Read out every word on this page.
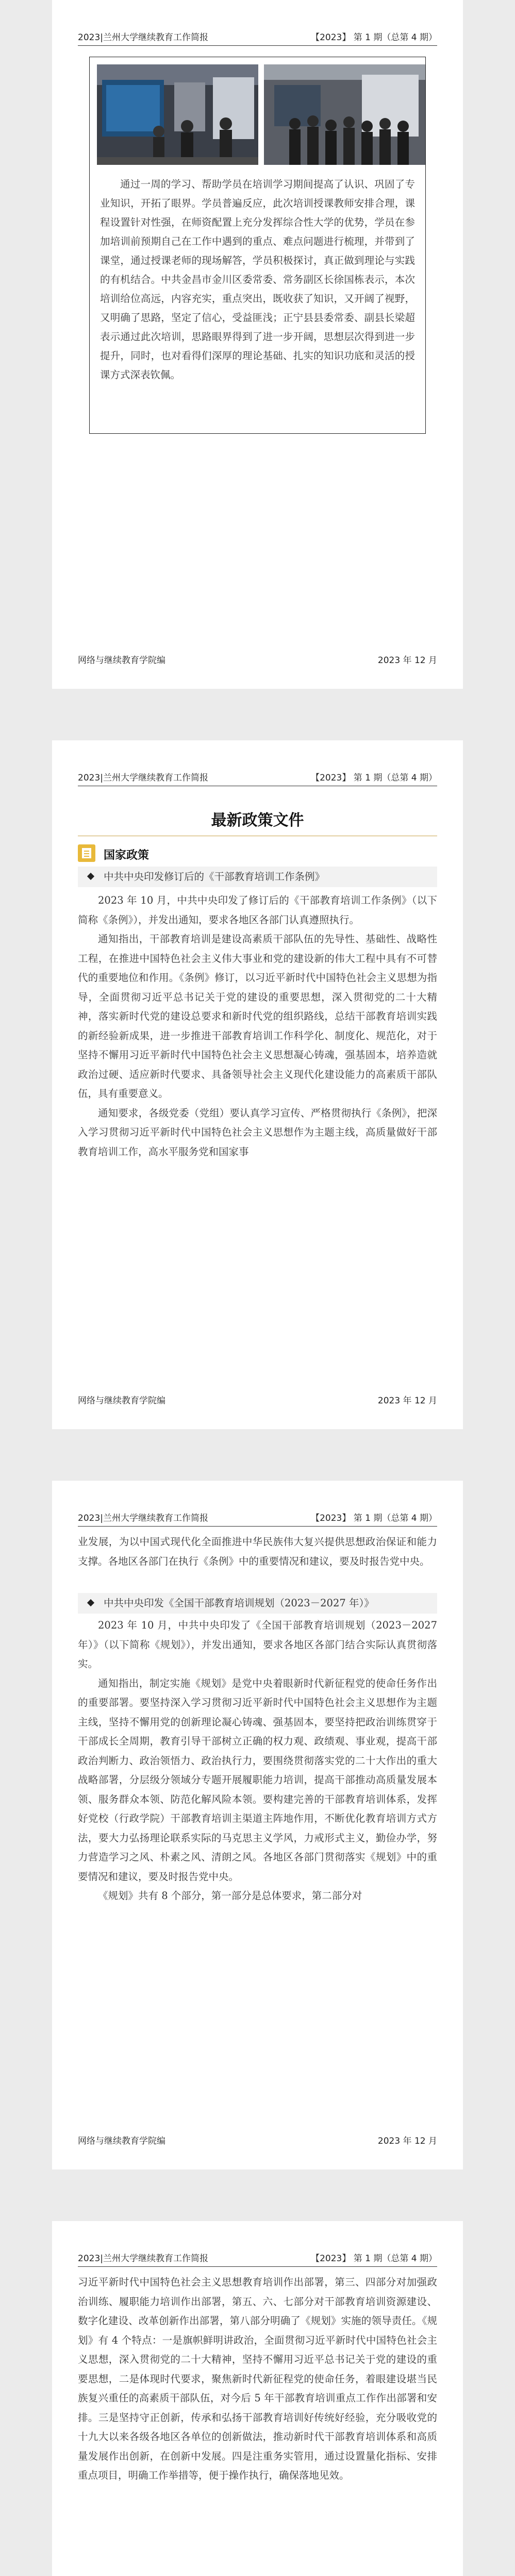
2023|兰州大学继续教育工作简报	【2023】 第 1 期（总第 4 期）

通过一周的学习、帮助学员在培训学习期间提高了认识、巩固了专业知识，开拓了眼界。学员普遍反应，此次培训授课教师安排合理，课程设置针对性强，在师资配置上充分发挥综合性大学的优势，学员在参加培训前预期自己在工作中遇到的重点、难点问题进行梳理，并带到了课堂，通过授课老师的现场解答，学员积极探讨，真正做到理论与实践的有机结合。中共金昌市金川区委常委、常务副区长徐国栋表示，本次培训给位高远，内容充实，重点突出，既收获了知识，又开阔了视野，又明确了思路，坚定了信心，受益匪浅；正宁县县委常委、副县长梁超表示通过此次培训，思路眼界得到了进一步开阔，思想层次得到进一步提升，同时，也对看得们深厚的理论基础、扎实的知识功底和灵活的授课方式深表钦佩。

网络与继续教育学院编	2023 年 12 月
2023|兰州大学继续教育工作简报	【2023】 第 1 期（总第 4 期）
最新政策文件
国家政策
中共中央印发修订后的《干部教育培训工作条例》

2023 年 10 月，中共中央印发了修订后的《干部教育培训工作条例》（以下简称《条例》），并发出通知，要求各地区各部门认真遵照执行。

通知指出，干部教育培训是建设高素质干部队伍的先导性、基础性、战略性工程，在推进中国特色社会主义伟大事业和党的建设新的伟大工程中具有不可替代的重要地位和作用。《条例》修订，以习近平新时代中国特色社会主义思想为指导，全面贯彻习近平总书记关于党的建设的重要思想，深入贯彻党的二十大精神，落实新时代党的建设总要求和新时代党的组织路线，总结干部教育培训实践的新经验新成果，进一步推进干部教育培训工作科学化、制度化、规范化，对于坚持不懈用习近平新时代中国特色社会主义思想凝心铸魂，强基固本，培养造就政治过硬、适应新时代要求、具备领导社会主义现代化建设能力的高素质干部队伍，具有重要意义。

通知要求，各级党委（党组）要认真学习宣传、严格贯彻执行《条例》，把深入学习贯彻习近平新时代中国特色社会主义思想作为主题主线，高质量做好干部教育培训工作，高水平服务党和国家事

网络与继续教育学院编	2023 年 12 月
2023|兰州大学继续教育工作简报	【2023】 第 1 期（总第 4 期）

业发展，为以中国式现代化全面推进中华民族伟大复兴提供思想政治保证和能力支撑。各地区各部门在执行《条例》中的重要情况和建议，要及时报告党中央。

中共中央印发《全国干部教育培训规划（2023－2027 年）》

2023 年 10 月，中共中央印发了《全国干部教育培训规划（2023－2027 年）》（以下简称《规划》），并发出通知，要求各地区各部门结合实际认真贯彻落实。

通知指出，制定实施《规划》是党中央着眼新时代新征程党的使命任务作出的重要部署。要坚持深入学习贯彻习近平新时代中国特色社会主义思想作为主题主线，坚持不懈用党的创新理论凝心铸魂、强基固本，要坚持把政治训练贯穿于干部成长全周期，教育引导干部树立正确的权力观、政绩观、事业观，提高干部政治判断力、政治领悟力、政治执行力，要围绕贯彻落实党的二十大作出的重大战略部署，分层级分领域分专题开展履职能力培训，提高干部推动高质量发展本领、服务群众本领、防范化解风险本领。要构建完善的干部教育培训体系，发挥好党校（行政学院）干部教育培训主渠道主阵地作用，不断优化教育培训方式方法，要大力弘扬理论联系实际的马克思主义学风，力戒形式主义，勤俭办学，努力营造学习之风、朴素之风、清朗之风。各地区各部门贯彻落实《规划》中的重要情况和建议，要及时报告党中央。

《规划》共有 8 个部分，第一部分是总体要求，第二部分对

网络与继续教育学院编	2023 年 12 月
2023|兰州大学继续教育工作简报	【2023】 第 1 期（总第 4 期）

习近平新时代中国特色社会主义思想教育培训作出部署，第三、四部分对加强政治训练、履职能力培训作出部署，第五、六、七部分对干部教育培训资源建设、数字化建设、改革创新作出部署，第八部分明确了《规划》实施的领导责任。《规划》有 4 个特点：一是旗帜鲜明讲政治，全面贯彻习近平新时代中国特色社会主义思想，深入贯彻党的二十大精神，坚持不懈用习近平总书记关于党的建设的重要思想，二是体现时代要求，聚焦新时代新征程党的使命任务，着眼建设堪当民族复兴重任的高素质干部队伍，对今后 5 年干部教育培训重点工作作出部署和安排。三是坚持守正创新，传承和弘扬干部教育培训好传统好经验，充分吸收党的十九大以来各级各地区各单位的创新做法，推动新时代干部教育培训体系和高质量发展作出创新，在创新中发展。四是注重务实管用，通过设置量化指标、安排重点项目，明确工作举措等，便于操作执行，确保落地见效。
